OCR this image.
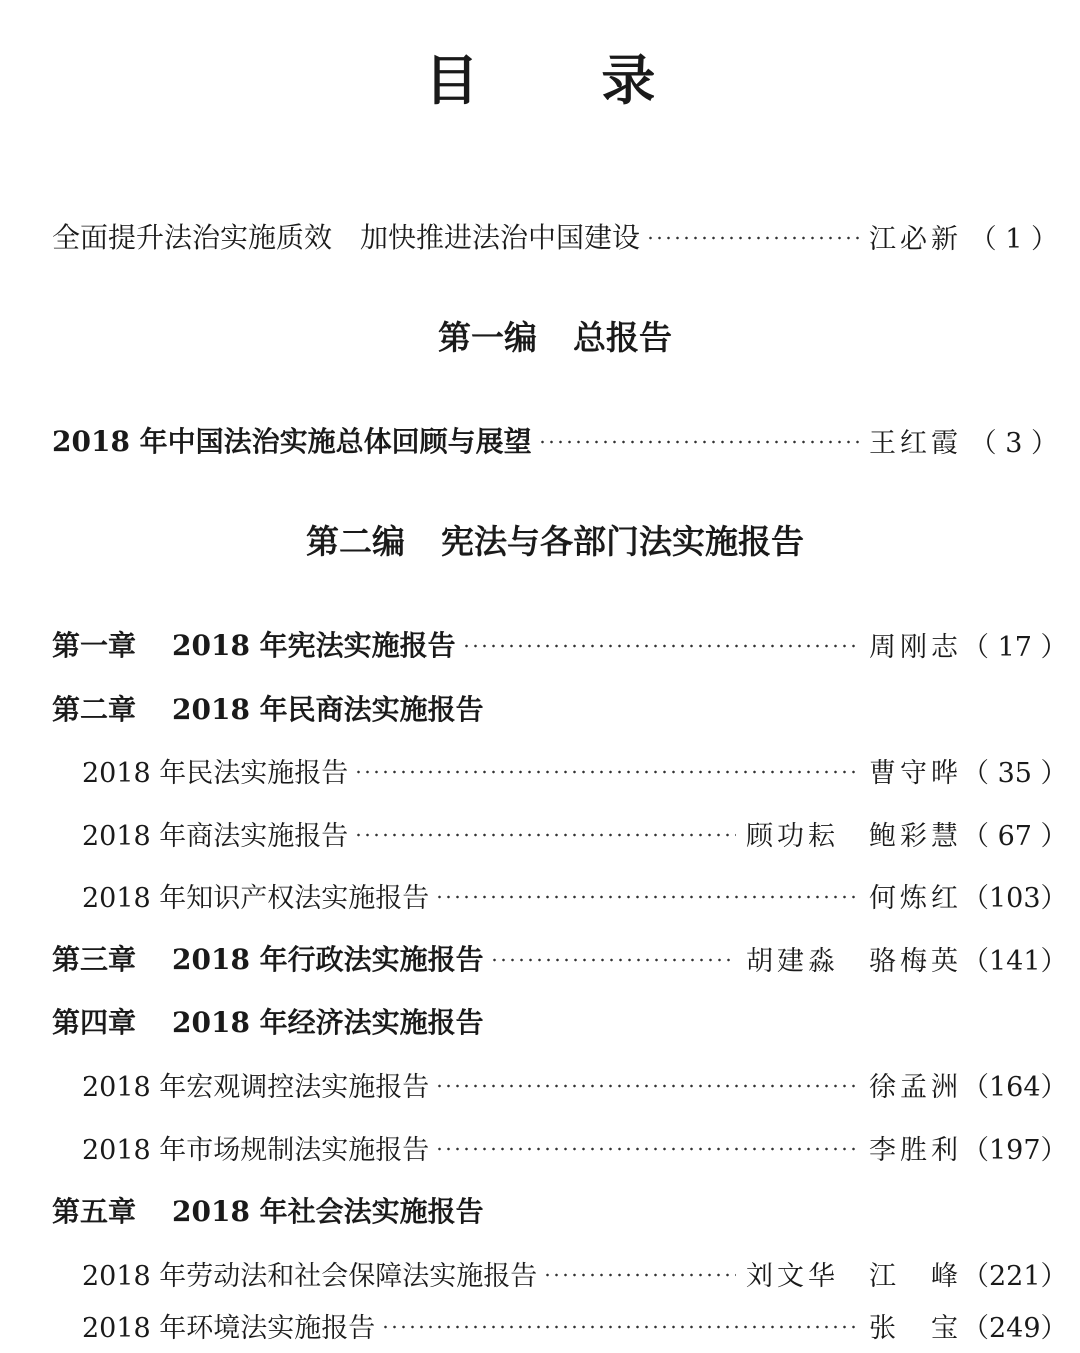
目 录
全面提升法治实施质效　加快推进法治中国建设	江必新 （ 1 ）
第一编 总报告
2018 年中国法治实施总体回顾与展望	王红霞 （ 3 ）
第二编 宪法与各部门法实施报告
第一章 2018 年宪法实施报告	周刚志 （ 17 ）
第二章 2018 年民商法实施报告
2018 年民法实施报告	曹守晔 （ 35 ）
2018 年商法实施报告	顾功耘 鲍彩慧 （ 67 ）
2018 年知识产权法实施报告	何炼红 （103）
第三章 2018 年行政法实施报告	胡建淼 骆梅英 （141）
第四章 2018 年经济法实施报告
2018 年宏观调控法实施报告	徐孟洲 （164）
2018 年市场规制法实施报告	李胜利 （197）
第五章 2018 年社会法实施报告
2018 年劳动法和社会保障法实施报告	刘文华 江　峰 （221）
2018 年环境法实施报告	张　宝 （249）
